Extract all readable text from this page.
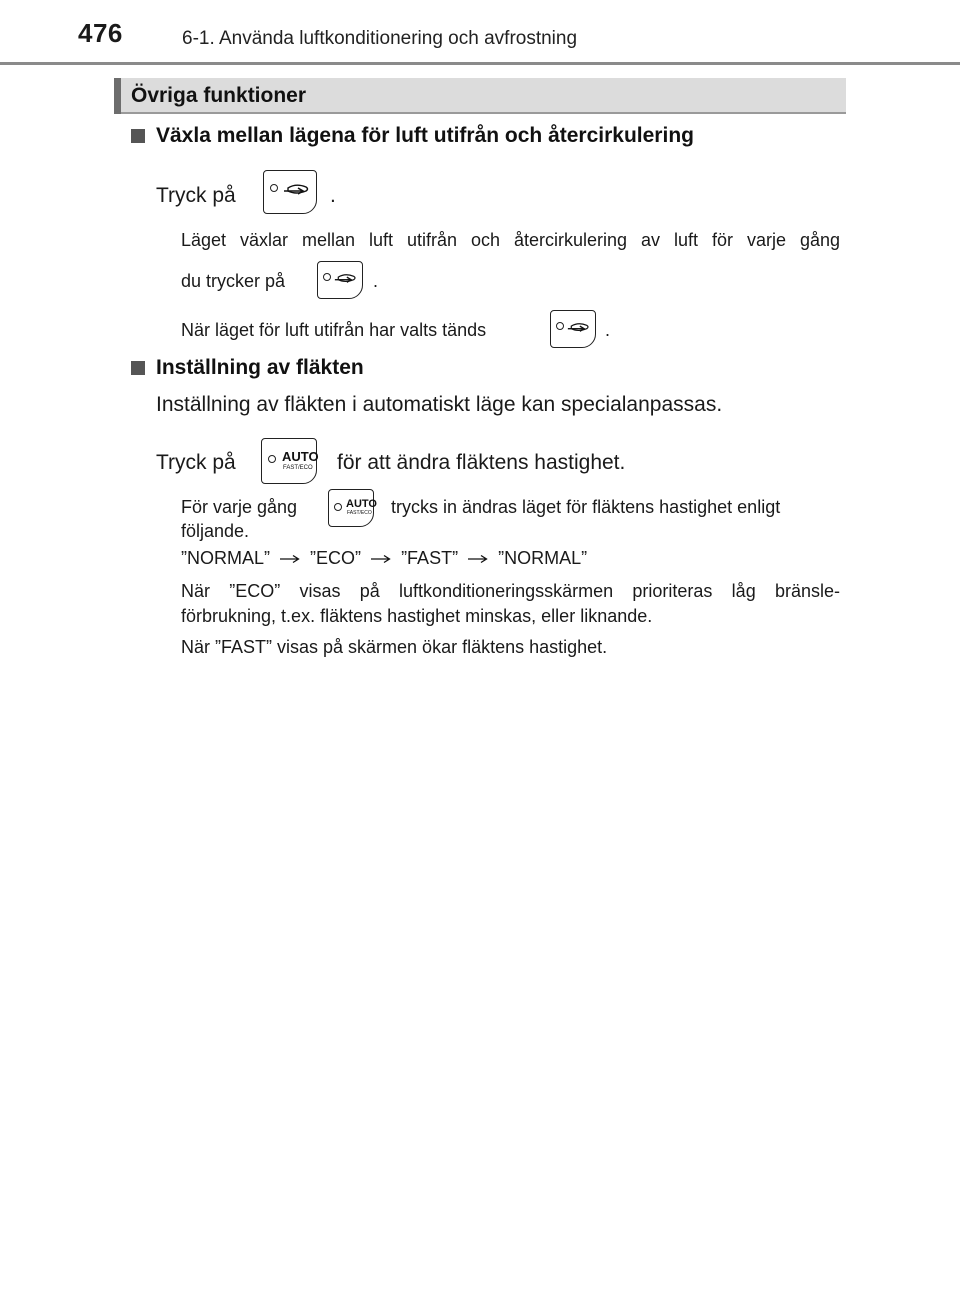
476	6-1. Använda luftkonditionering och avfrostning
Övriga funktioner
Växla mellan lägena för luft utifrån och återcirkulering
Tryck på	.
Läget växlar mellan luft utifrån och återcirkulering av luft för varje gång
du trycker på	.
När läget för luft utifrån har valts tänds	.
Inställning av fläkten
Inställning av fläkten i automatiskt läge kan specialanpassas.
Tryck på	AUTO
FAST/ECO för att ändra fläktens hastighet.
För varje gång	AUTO
FAST/ECO trycks in ändras läget för fläktens hastighet enligt
följande.
”NORMAL” ”ECO” ”FAST” ”NORMAL”
När ”ECO” visas på luftkonditioneringsskärmen prioriteras låg bränsle-
förbrukning, t.ex. fläktens hastighet minskas, eller liknande.
När ”FAST” visas på skärmen ökar fläktens hastighet.
